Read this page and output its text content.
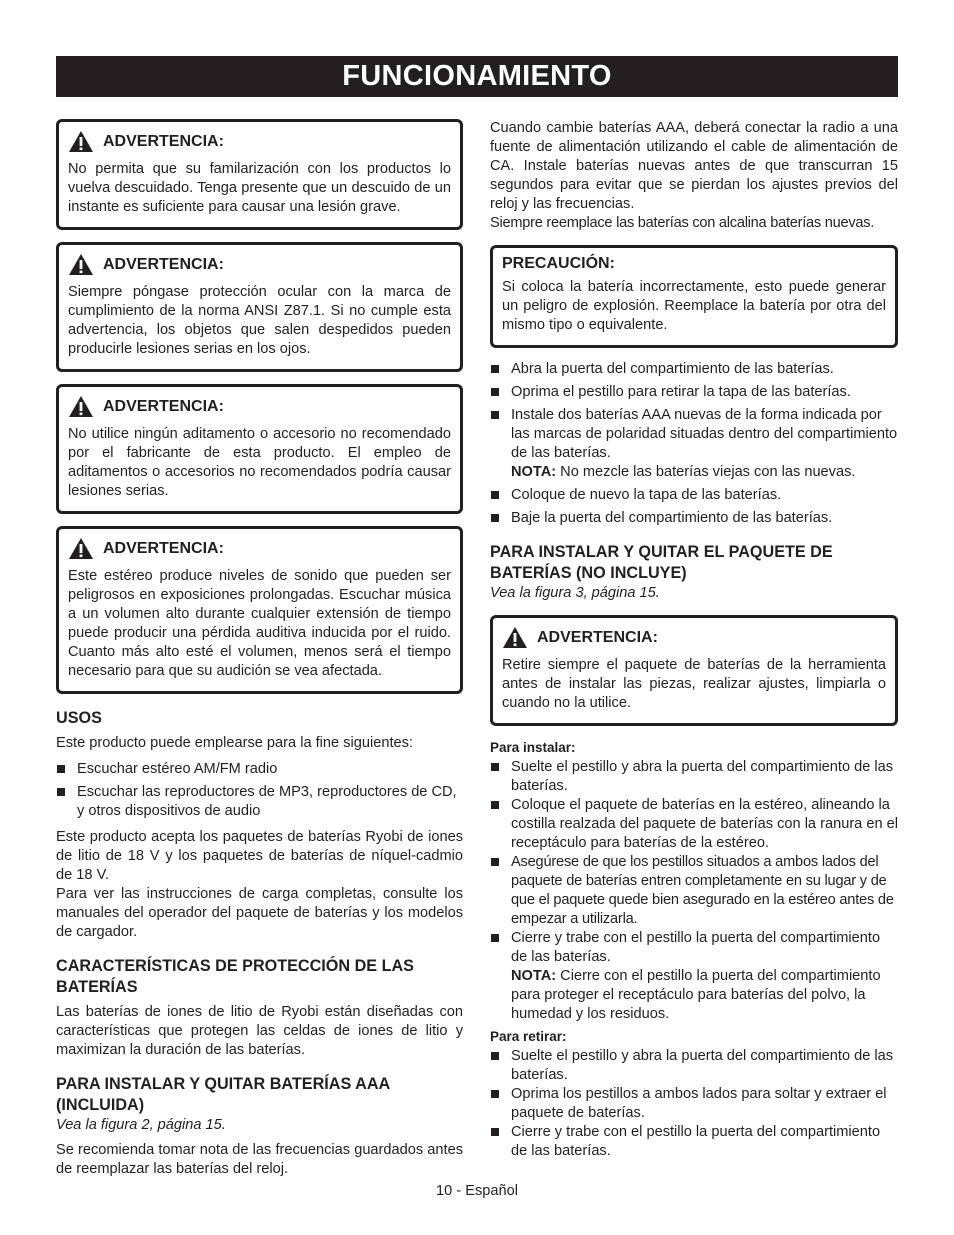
FUNCIONAMIENTO
ADVERTENCIA:

No permita que su familarización con los productos lo vuelva descuidado. Tenga presente que un descuido de un instante es suficiente para causar una lesión grave.

ADVERTENCIA:

Siempre póngase protección ocular con la marca de cumplimiento de la norma ANSI Z87.1. Si no cumple esta advertencia, los objetos que salen despedidos pueden producirle lesiones serias en los ojos.

ADVERTENCIA:

No utilice ningún aditamento o accesorio no recomendado por el fabricante de esta producto. El empleo de aditamentos o accesorios no recomendados podría causar lesiones serias.

ADVERTENCIA:

Este estéreo produce niveles de sonido que pueden ser peligrosos en exposiciones prolongadas. Escuchar música a un volumen alto durante cualquier extensión de tiempo puede producir una pérdida auditiva inducida por el ruido. Cuanto más alto esté el volumen, menos será el tiempo necesario para que su audición se vea afectada.

USOS

Este producto puede emplearse para la fine siguientes:

Escuchar estéreo AM/FM radio
Escuchar las reproductores de MP3, reproductores de CD, y otros dispositivos de audio

Este producto acepta los paquetes de baterías Ryobi de iones de litio de 18 V y los paquetes de baterías de níquel-cadmio de 18 V.

Para ver las instrucciones de carga completas, consulte los manuales del operador del paquete de baterías y los modelos de cargador.

CARACTERÍSTICAS DE PROTECCIÓN DE LAS BATERÍAS

Las baterías de iones de litio de Ryobi están diseñadas con características que protegen las celdas de iones de litio y maximizan la duración de las baterías.

PARA INSTALAR Y QUITAR BATERÍAS AAA (INCLUIDA)

Vea la figura 2, página 15.

Se recomienda tomar nota de las frecuencias guardados antes de reemplazar las baterías del reloj.

Cuando cambie baterías AAA, deberá conectar la radio a una fuente de alimentación utilizando el cable de alimentación de CA. Instale baterías nuevas antes de que transcurran 15 segundos para evitar que se pierdan los ajustes previos del reloj y las frecuencias.

Siempre reemplace las baterías con alcalina baterías nuevas.

PRECAUCIÓN:

Si coloca la batería incorrectamente, esto puede generar un peligro de explosión. Reemplace la batería por otra del mismo tipo o equivalente.

Abra la puerta del compartimiento de las baterías.
Oprima el pestillo para retirar la tapa de las baterías.
Instale dos baterías AAA nuevas de la forma indicada por las marcas de polaridad situadas dentro del compartimiento de las baterías.
NOTA: No mezcle las baterías viejas con las nuevas.
Coloque de nuevo la tapa de las baterías.
Baje la puerta del compartimiento de las baterías.
PARA INSTALAR Y QUITAR EL PAQUETE DE BATERÍAS (NO INCLUYE)

Vea la figura 3, página 15.

ADVERTENCIA:

Retire siempre el paquete de baterías de la herramienta antes de instalar las piezas, realizar ajustes, limpiarla o cuando no la utilice.

Para instalar:
Suelte el pestillo y abra la puerta del compartimiento de las baterías.
Coloque el paquete de baterías en la estéreo, alineando la costilla realzada del paquete de baterías con la ranura en el receptáculo para baterías de la estéreo.
Asegúrese de que los pestillos situados a ambos lados del paquete de baterías entren completamente en su lugar y de que el paquete quede bien asegurado en la estéreo antes de empezar a utilizarla.
Cierre y trabe con el pestillo la puerta del compartimiento de las baterías.
NOTA: Cierre con el pestillo la puerta del compartimiento para proteger el receptáculo para baterías del polvo, la humedad y los residuos.
Para retirar:
Suelte el pestillo y abra la puerta del compartimiento de las baterías.
Oprima los pestillos a ambos lados para soltar y extraer el paquete de baterías.
Cierre y trabe con el pestillo la puerta del compartimiento de las baterías.
10 - Español
